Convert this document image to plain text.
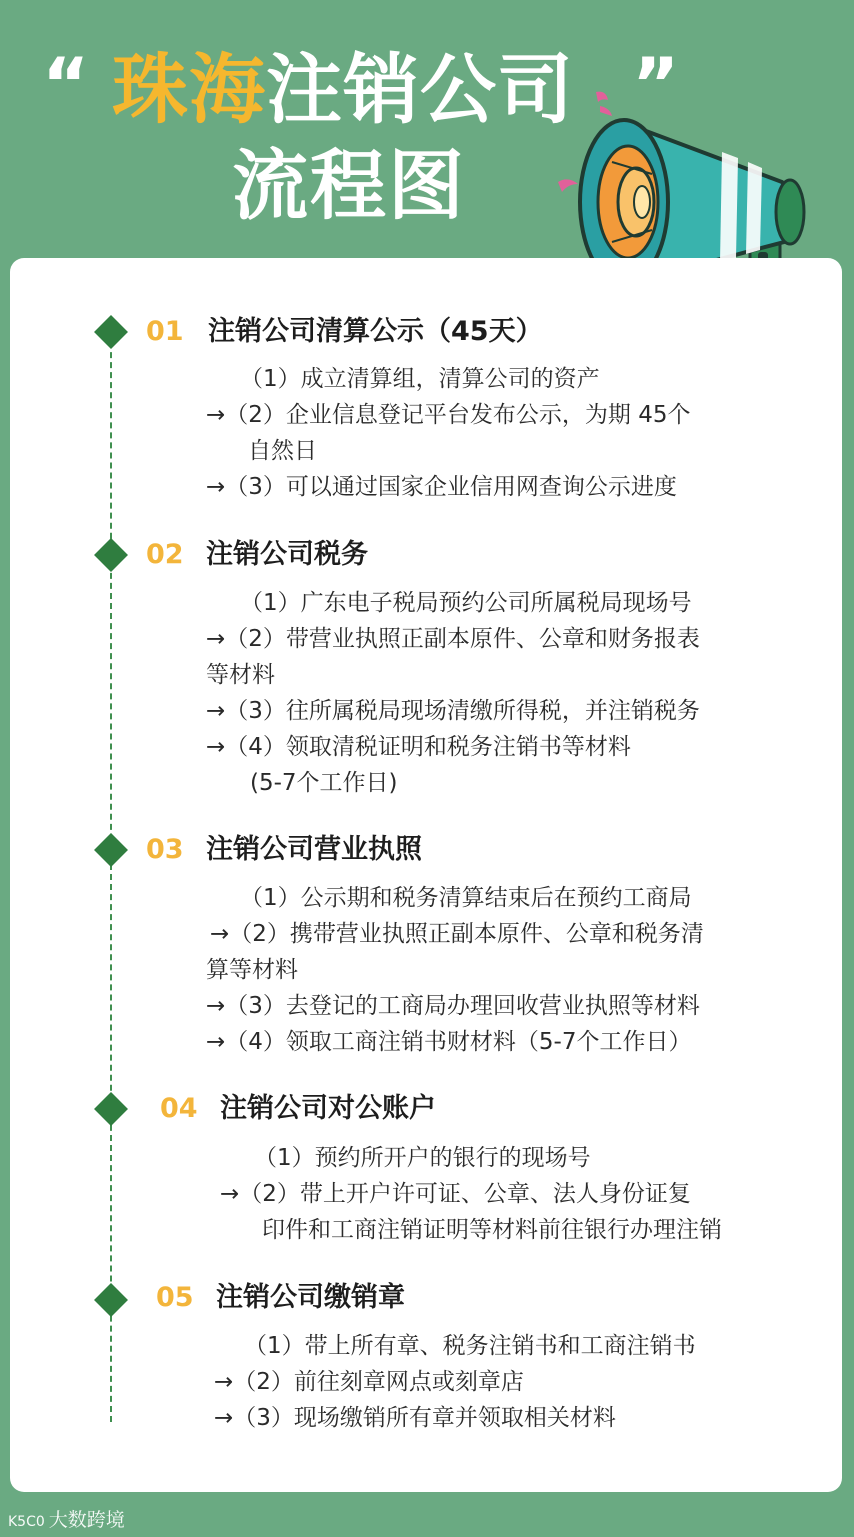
“ 珠海注销公司 ”
流程图
01 注销公司清算公示（45天）
（1）成立清算组，清算公司的资产
→（2）企业信息登记平台发布公示，为期 45个
自然日
→（3）可以通过国家企业信用网查询公示进度
02 注销公司税务
（1）广东电子税局预约公司所属税局现场号
→（2）带营业执照正副本原件、公章和财务报表
等材料
→（3）往所属税局现场清缴所得税，并注销税务
→（4）领取清税证明和税务注销书等材料
(5-7个工作日)
03 注销公司营业执照
（1）公示期和税务清算结束后在预约工商局
→（2）携带营业执照正副本原件、公章和税务清
算等材料
→（3）去登记的工商局办理回收营业执照等材料
→（4）领取工商注销书财材料（5-7个工作日）
04 注销公司对公账户
（1）预约所开户的银行的现场号
→（2）带上开户许可证、公章、法人身份证复
印件和工商注销证明等材料前往银行办理注销
05 注销公司缴销章
（1）带上所有章、税务注销书和工商注销书
→（2）前往刻章网点或刻章店
→（3）现场缴销所有章并领取相关材料
K5C0 大数跨境
